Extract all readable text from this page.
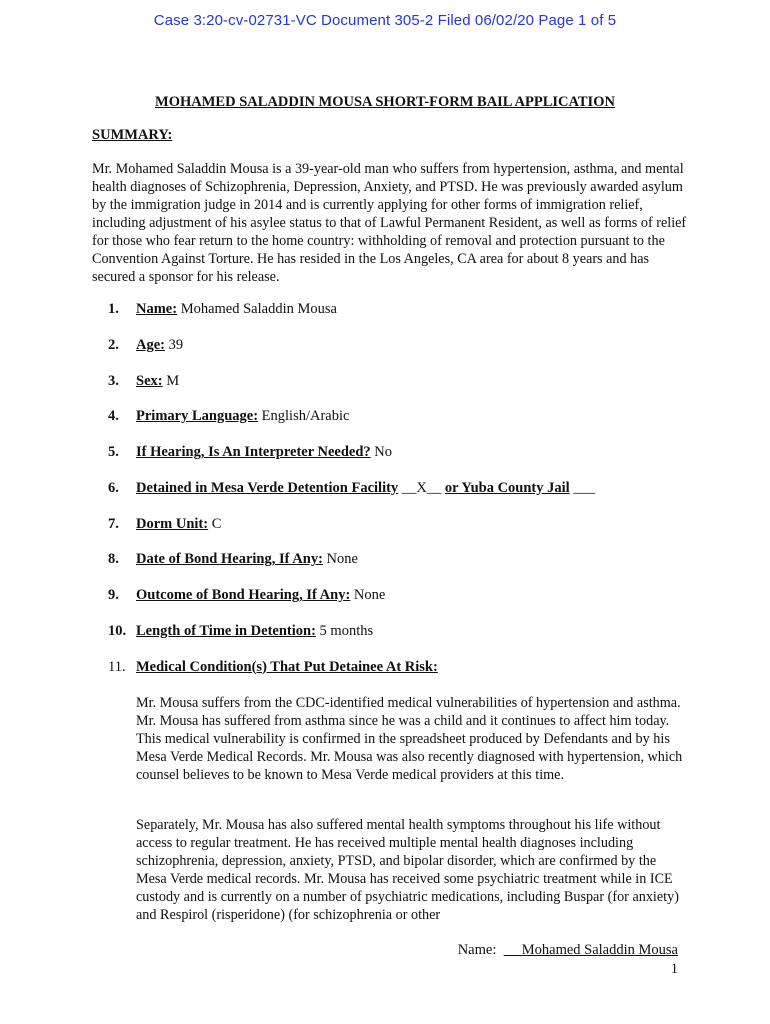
Case 3:20-cv-02731-VC Document 305-2 Filed 06/02/20 Page 1 of 5
MOHAMED SALADDIN MOUSA SHORT-FORM BAIL APPLICATION
SUMMARY:

Mr. Mohamed Saladdin Mousa is a 39-year-old man who suffers from hypertension, asthma, and mental health diagnoses of Schizophrenia, Depression, Anxiety, and PTSD. He was previously awarded asylum by the immigration judge in 2014 and is currently applying for other forms of immigration relief, including adjustment of his asylee status to that of Lawful Permanent Resident, as well as forms of relief for those who fear return to the home country: withholding of removal and protection pursuant to the Convention Against Torture. He has resided in the Los Angeles, CA area for about 8 years and has secured a sponsor for his release.

1. Name: Mohamed Saladdin Mousa
2. Age: 39
3. Sex: M
4. Primary Language: English/Arabic
5. If Hearing, Is An Interpreter Needed? No
6. Detained in Mesa Verde Detention Facility __X__ or Yuba County Jail ___
7. Dorm Unit: C
8. Date of Bond Hearing, If Any: None
9. Outcome of Bond Hearing, If Any: None
10. Length of Time in Detention: 5 months
11. Medical Condition(s) That Put Detainee At Risk:

Mr. Mousa suffers from the CDC-identified medical vulnerabilities of hypertension and asthma. Mr. Mousa has suffered from asthma since he was a child and it continues to affect him today. This medical vulnerability is confirmed in the spreadsheet produced by Defendants and by his Mesa Verde Medical Records. Mr. Mousa was also recently diagnosed with hypertension, which counsel believes to be known to Mesa Verde medical providers at this time.

Separately, Mr. Mousa has also suffered mental health symptoms throughout his life without access to regular treatment. He has received multiple mental health diagnoses including schizophrenia, depression, anxiety, PTSD, and bipolar disorder, which are confirmed by the Mesa Verde medical records. Mr. Mousa has received some psychiatric treatment while in ICE custody and is currently on a number of psychiatric medications, including Buspar (for anxiety) and Respirol (risperidone) (for schizophrenia or other

Name: Mohamed Saladdin Mousa
1
